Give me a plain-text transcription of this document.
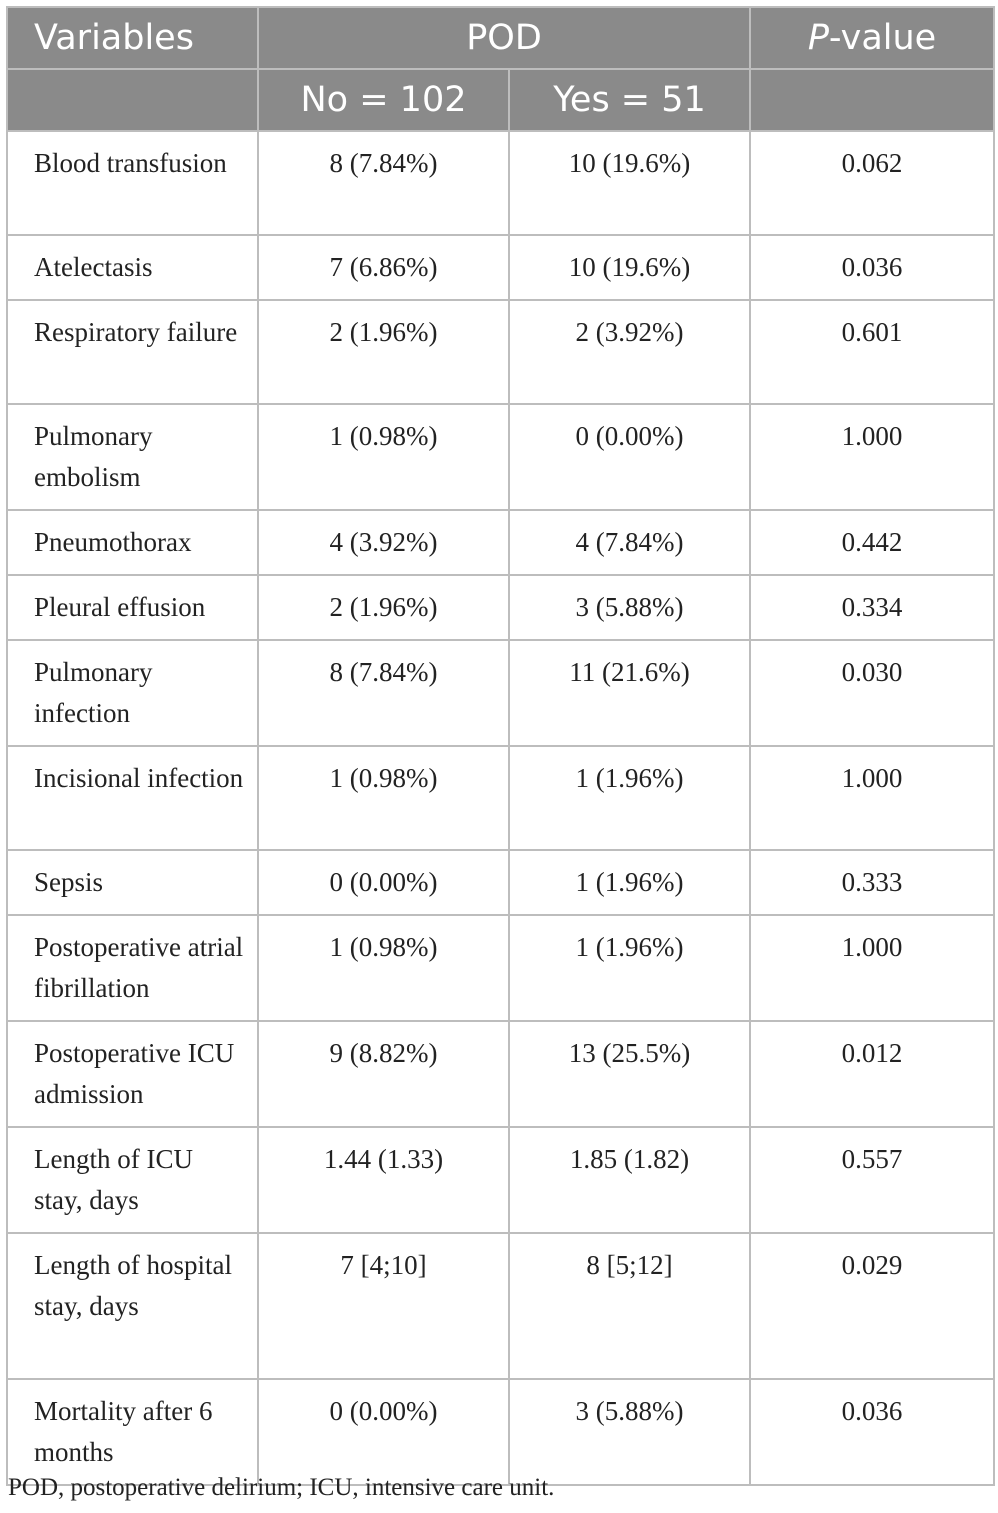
Variables	POD		P-value
	No = 102	Yes = 51	
Blood transfusion	8 (7.84%)	10 (19.6%)	0.062
Atelectasis	7 (6.86%)	10 (19.6%)	0.036
Respiratory failure	2 (1.96%)	2 (3.92%)	0.601
Pulmonary embolism	1 (0.98%)	0 (0.00%)	1.000
Pneumothorax	4 (3.92%)	4 (7.84%)	0.442
Pleural effusion	2 (1.96%)	3 (5.88%)	0.334
Pulmonary infection	8 (7.84%)	11 (21.6%)	0.030
Incisional infection	1 (0.98%)	1 (1.96%)	1.000
Sepsis	0 (0.00%)	1 (1.96%)	0.333
Postoperative atrial fibrillation	1 (0.98%)	1 (1.96%)	1.000
Postoperative ICU admission	9 (8.82%)	13 (25.5%)	0.012
Length of ICU stay, days	1.44 (1.33)	1.85 (1.82)	0.557
Length of hospital stay, days	7 [4;10]	8 [5;12]	0.029
Mortality after 6 months	0 (0.00%)	3 (5.88%)	0.036
POD, postoperative delirium; ICU, intensive care unit.
